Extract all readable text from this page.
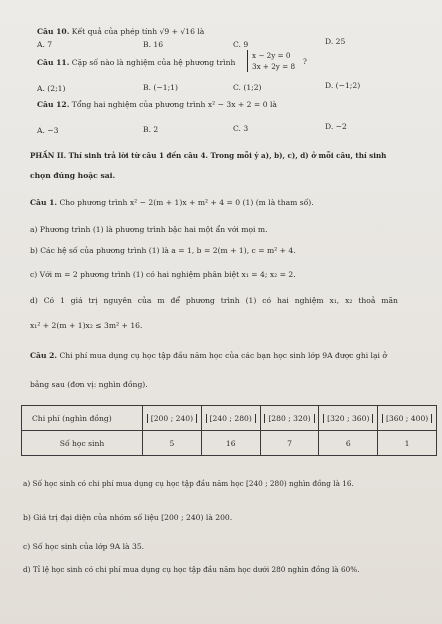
Câu 10. Kết quả của phép tính √9 + √16 là
A. 7	B. 16	C. 9	D. 25
Câu 11. Cặp số nào là nghiệm của hệ phương trình
x − 2y = 0
3x + 2y = 8
?
A. (2;1)	B. (−1;1)	C. (1;2)	D. (−1;2)
Câu 12. Tổng hai nghiệm của phương trình x² − 3x + 2 = 0 là
A. −3	B. 2	C. 3	D. −2
PHẦN II. Thí sinh trả lời từ câu 1 đến câu 4. Trong mỗi ý a), b), c), d) ở mỗi câu, thí sinh
chọn đúng hoặc sai.
Câu 1. Cho phương trình x² − 2(m + 1)x + m² + 4 = 0 (1) (m là tham số).
a) Phương trình (1) là phương trình bậc hai một ẩn với mọi m.
b) Các hệ số của phương trình (1) là a = 1, b = 2(m + 1), c = m² + 4.
c) Với m = 2 phương trình (1) có hai nghiệm phân biệt x₁ = 4; x₂ = 2.
d) Có 1 giá trị nguyên của m để phương trình (1) có hai nghiệm x₁, x₂ thoả mãn
x₁² + 2(m + 1)x₂ ≤ 3m² + 16.
Câu 2. Chi phí mua dụng cụ học tập đầu năm học của các bạn học sinh lớp 9A được ghi lại ở
bảng sau (đơn vị: nghìn đồng).
Chi phí (nghìn đồng)	[200 ; 240)	[240 ; 280)	[280 ; 320)	[320 ; 360)	[360 ; 400)
Số học sinh	5	16	7	6	1
a) Số học sinh có chi phí mua dụng cụ học tập đầu năm học [240 ; 280) nghìn đồng là 16.
b) Giá trị đại diện của nhóm số liệu [200 ; 240) là 200.
c) Số học sinh của lớp 9A là 35.
d) Tỉ lệ học sinh có chi phí mua dụng cụ học tập đầu năm học dưới 280 nghìn đồng là 60%.
